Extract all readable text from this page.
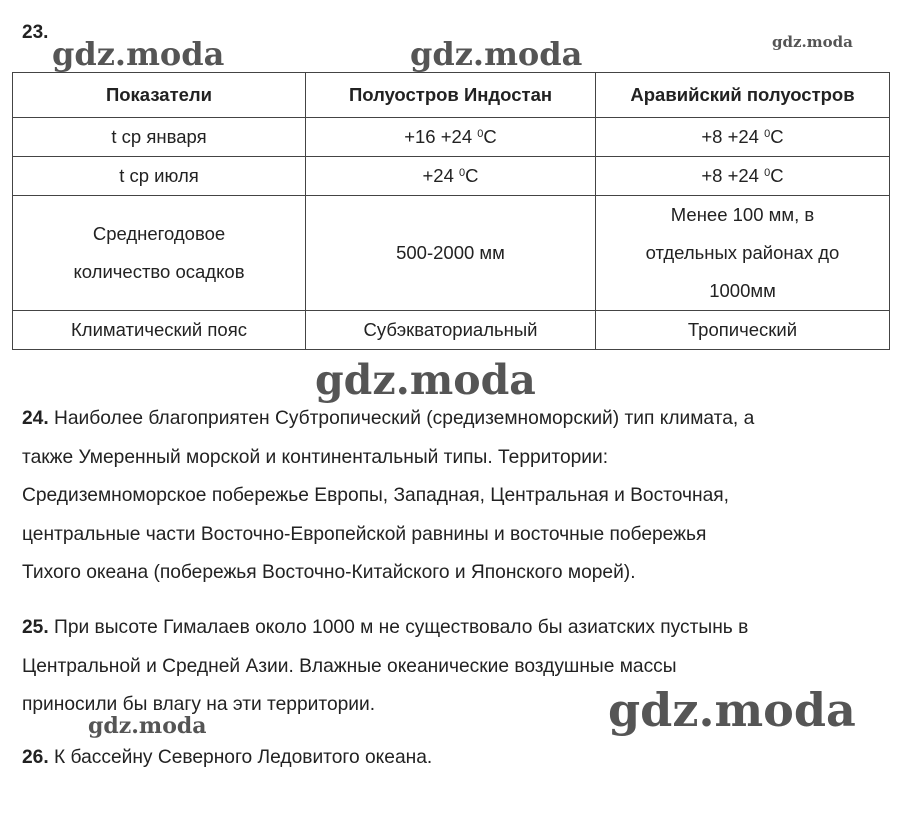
23.
gdz.moda	gdz.moda	gdz.moda
Показатели	Полуостров Индостан	Аравийский полуостров
t ср января	+16 +24 $^0$С	+8 +24 $^0$С
t ср июля	+24 $^0$С	+8 +24 $^0$С
Среднегодовое
количество осадков	500-2000 мм	Менее 100 мм, в
отдельных районах до
1000мм
Климатический пояс	Субэкваториальный	Тропический
gdz.moda
24. Наиболее благоприятен Субтропический (средиземноморский) тип климата, а
также Умеренный морской и континентальный типы. Территории:
Средиземноморское побережье Европы, Западная, Центральная и Восточная,
центральные части Восточно-Европейской равнины и восточные побережья
Тихого океана (побережья Восточно-Китайского и Японского морей).
25. При высоте Гималаев около 1000 м не существовало бы азиатских пустынь в
Центральной и Средней Азии. Влажные океанические воздушные массы
приносили бы влагу на эти территории.	gdz.moda
gdz.moda
26. К бассейну Северного Ледовитого океана.
